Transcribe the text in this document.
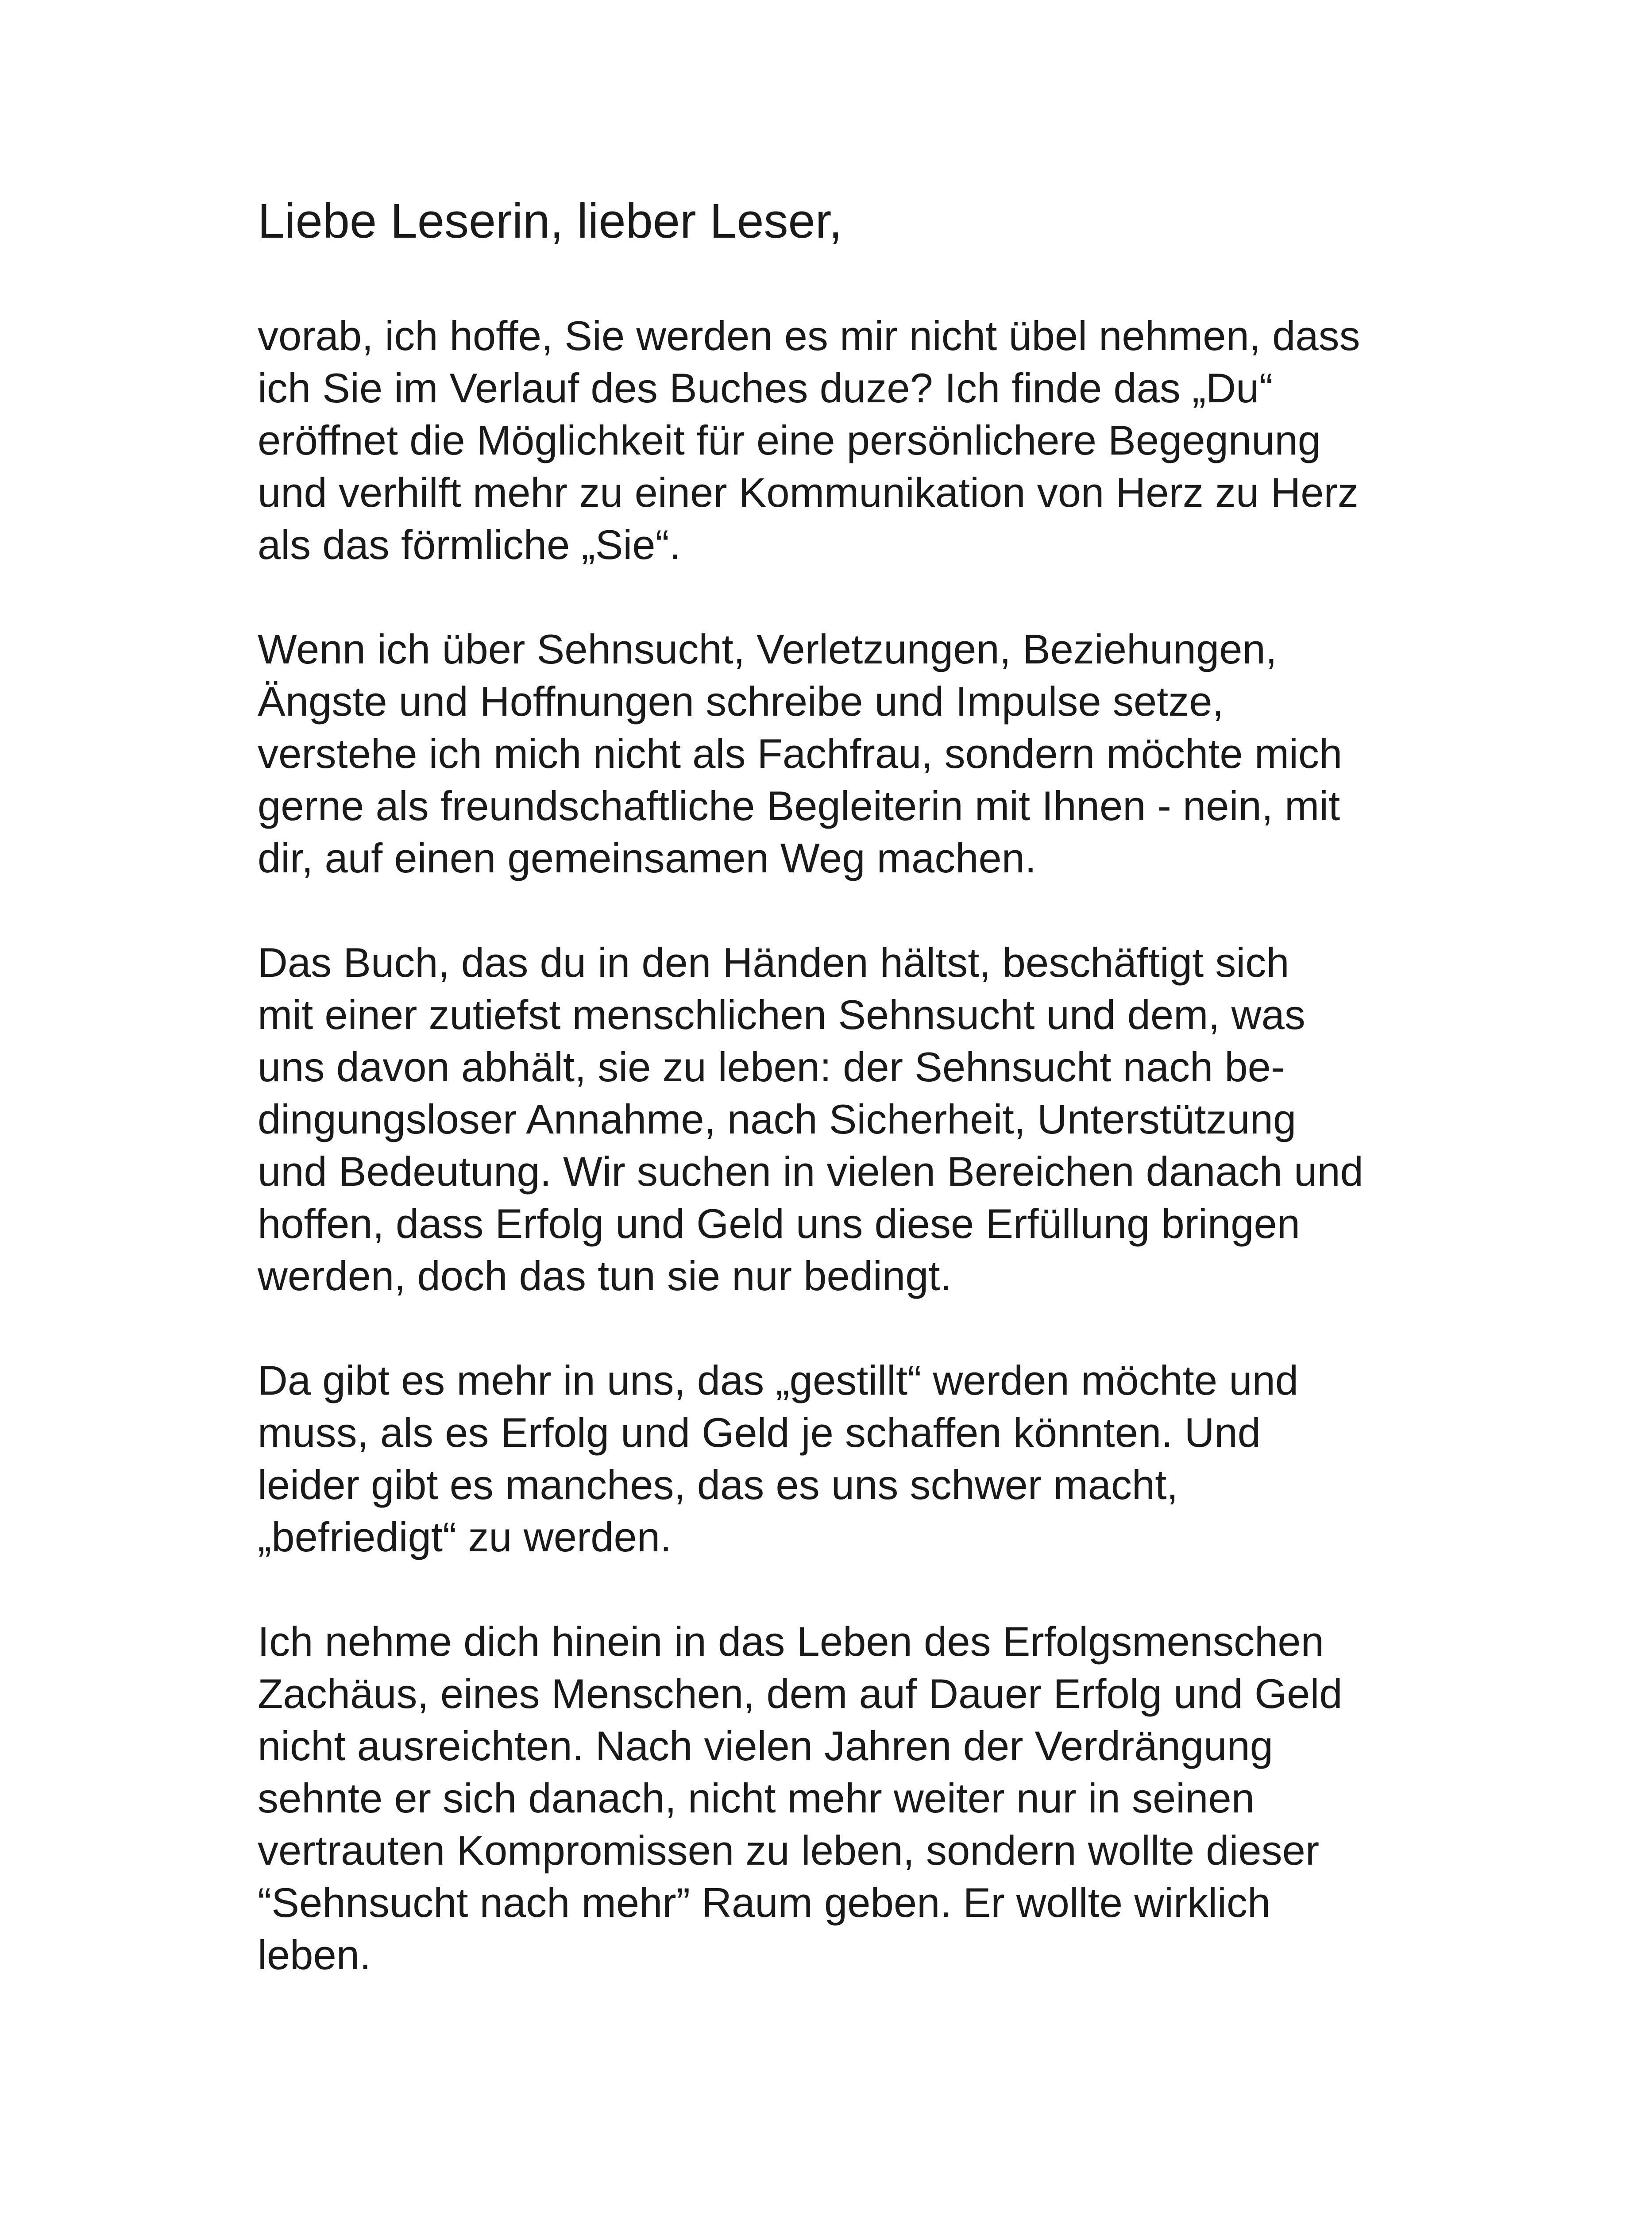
Liebe Leserin, lieber Leser,
vorab, ich hoffe, Sie werden es mir nicht übel nehmen, dass
ich Sie im Verlauf des Buches duze? Ich finde das „Du“
eröffnet die Möglichkeit für eine persönlichere Begegnung
und verhilft mehr zu einer Kommunikation von Herz zu Herz
als das förmliche „Sie“.
Wenn ich über Sehnsucht, Verletzungen, Beziehungen,
Ängste und Hoffnungen schreibe und Impulse setze,
verstehe ich mich nicht als Fachfrau, sondern möchte mich
gerne als freundschaftliche Begleiterin mit Ihnen - nein, mit
dir, auf einen gemeinsamen Weg machen.
Das Buch, das du in den Händen hältst, beschäftigt sich
mit einer zutiefst menschlichen Sehnsucht und dem, was
uns davon abhält, sie zu leben: der Sehnsucht nach be-
dingungsloser Annahme, nach Sicherheit, Unterstützung
und Bedeutung. Wir suchen in vielen Bereichen danach und
hoffen, dass Erfolg und Geld uns diese Erfüllung bringen
werden, doch das tun sie nur bedingt.
Da gibt es mehr in uns, das „gestillt“ werden möchte und
muss, als es Erfolg und Geld je schaffen könnten. Und
leider gibt es manches, das es uns schwer macht,
„befriedigt“ zu werden.
Ich nehme dich hinein in das Leben des Erfolgsmenschen
Zachäus, eines Menschen, dem auf Dauer Erfolg und Geld
nicht ausreichten. Nach vielen Jahren der Verdrängung
sehnte er sich danach, nicht mehr weiter nur in seinen
vertrauten Kompromissen zu leben, sondern wollte dieser
“Sehnsucht nach mehr” Raum geben. Er wollte wirklich
leben.
